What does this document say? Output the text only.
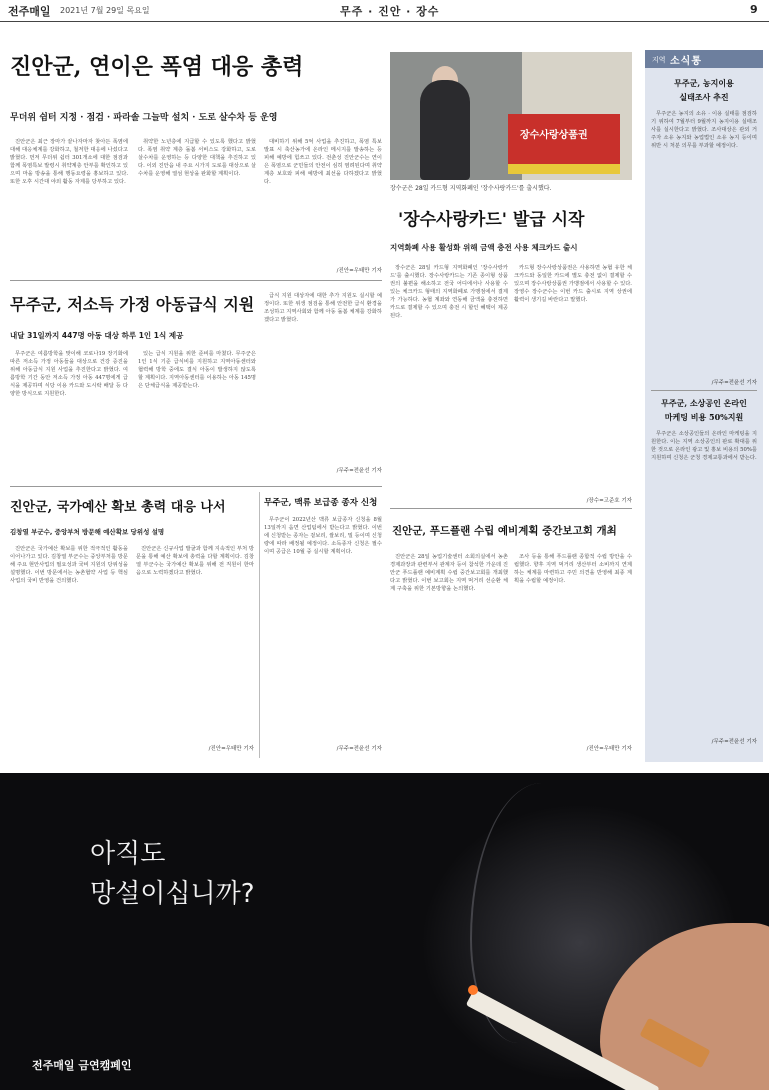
전주매일 2021년 7월 29일 목요일	무주 · 진안 · 장수	9
진안군, 연이은 폭염 대응 총력
무더위 쉼터 지정 · 점검 · 파라솔 그늘막 설치 · 도로 살수차 등 운영

진안군은 최근 장마가 끝나자마자 찾아든 폭염에 대해 대응체계를 강화하고, 철저한 대응에 나섰다고 밝혔다. 먼저 무더위 쉼터 301개소에 대한 점검과 함께 폭염특보 발령시 취약계층 안부를 확인하고 있으며 마을 방송을 통해 행동요령을 홍보하고 있다. 또한 오후 시간대 야외 활동 자제를 당부하고 있다.

취약한 노년층에 지급할 수 있도록 했다고 밝혔다. 폭염 취약 계층 돌봄 서비스도 강화하고, 도로 살수차를 운영하는 등 다양한 대책을 추진하고 있다. 이외 진안읍 내 주요 시가지 도로를 대상으로 살수차를 운영해 열섬 현상을 완화할 계획이다.

대비하기 위해 5억 사업을 추진하고, 폭염 특보 발표 시 축산농가에 온라인 메시지를 발송하는 등 피해 예방에 힘쓰고 있다. 전춘성 진안군수는 연이은 폭염으로 군민들의 안전이 심히 염려된다며 취약계층 보호와 피해 예방에 최선을 다하겠다고 밝혔다.

/진안=우태만 기자
장수사랑상품권
장수군은 28일 카드형 지역화폐인 '장수사랑카드'를 출시했다.
'장수사랑카드' 발급 시작
지역화폐 사용 활성화 위해 금액 충전 사용 체크카드 출시

장수군은 28일 카드형 지역화폐인 '장수사랑카드'를 출시했다. 장수사랑카드는 기존 종이형 상품권의 불편을 해소하고 전국 어디에서나 사용할 수 있는 체크카드 형태의 지역화폐로 가맹점에서 결제가 가능하다. 농협 계좌와 연동해 금액을 충전하면 카드로 결제할 수 있으며 충전 시 할인 혜택이 제공된다.

카드형 장수사랑상품권은 사용하면 농협 유한 체크카드와 동일한 카드에 별도 충전 없이 결제할 수 있으며 장수사랑상품권 가맹점에서 사용할 수 있다. 장영수 장수군수는 이번 카드 출시로 지역 상권에 활력이 생기길 바란다고 말했다.

/장수=고준호 기자
무주군, 저소득 가정 아동급식 지원
내달 31일까지 447명 아동 대상 하루 1인 1식 제공

무주군은 여름방학을 맞이해 코로나19 장기화에 따른 저소득 가정 아동들을 대상으로 건강 증진을 위해 아동급식 지원 사업을 추진한다고 밝혔다. 여름방학 기간 동안 저소득 가정 아동 447명에게 급식을 제공하며 식당 이용 카드와 도시락 배달 등 다양한 방식으로 지원한다.

있는 급식 지원을 위한 준비를 마쳤다. 무주군은 1인 1식 기준 급식비를 지원하고 지역아동센터와 협력해 방학 중에도 결식 아동이 발생하지 않도록 할 계획이다. 지역아동센터를 이용하는 아동 145명은 단체급식을 제공받는다.

급식 지원 대상자에 대한 추가 지원도 실시할 예정이다. 또한 위생 점검을 통해 안전한 급식 환경을 조성하고 지역사회와 함께 아동 돌봄 체계를 강화하겠다고 밝혔다.

/무주=전윤선 기자
진안군, 국가예산 확보 총력 대응 나서
김창열 부군수, 중앙부처 방문해 예산확보 당위성 설명

진안군은 국가예산 확보를 위한 적극적인 활동을 이어나가고 있다. 김창열 부군수는 중앙부처를 방문해 주요 현안사업의 필요성과 국비 지원의 당위성을 설명했다. 이번 방문에서는 농촌협약 사업 등 핵심 사업의 국비 반영을 건의했다.

진안군은 신규사업 발굴과 함께 지속적인 부처 방문을 통해 예산 확보에 총력을 다할 계획이다. 김창열 부군수는 국가예산 확보를 위해 전 직원이 한마음으로 노력하겠다고 밝혔다.

/진안=우태만 기자
무주군, 맥류 보급종 종자 신청

무주군이 2022년산 맥류 보급종자 신청을 8월 13일까지 읍면 산업팀에서 받는다고 밝혔다. 이번에 신청받는 종자는 겉보리, 쌀보리, 밀 등이며 신청량에 따라 배정될 예정이다. 소독종자 신청은 필수이며 공급은 10월 중 실시할 계획이다.

/무주=전윤선 기자
진안군, 푸드플랜 수립 예비계획 중간보고회 개최

진안군은 28일 농업기술센터 소회의실에서 농촌경제과장과 관련부서 관계자 등이 참석한 가운데 진안군 푸드플랜 예비계획 수립 중간보고회를 개최했다고 밝혔다. 이번 보고회는 지역 먹거리 선순환 체계 구축을 위한 기본방향을 논의했다.

조사 등을 통해 푸드플랜 종합적 수립 방안을 수립했다. 향후 지역 먹거리 생산부터 소비까지 연계하는 체계를 마련하고 주민 의견을 반영해 최종 계획을 수립할 예정이다.

/진안=우태만 기자
지역 소식통
무주군, 농지이용
실태조사 추진

무주군은 농지의 소유 · 이용 실태를 점검하기 위하여 7월부터 9월까지 농지이용 실태조사를 실시한다고 밝혔다. 조사대상은 관외 거주자 소유 농지와 농업법인 소유 농지 등이며 위반 시 처분 의무를 부과할 예정이다.

/무주=전윤선 기자
무주군, 소상공인 온라인
마케팅 비용 50%지원

무주군은 소상공인들의 온라인 마케팅을 지원한다. 이는 지역 소상공인의 판로 확대를 위한 것으로 온라인 광고 및 홍보 비용의 50%를 지원하며 신청은 군청 경제교통과에서 받는다.

/무주=전윤선 기자
아직도
망설이십니까?
전주매일 금연캠페인
